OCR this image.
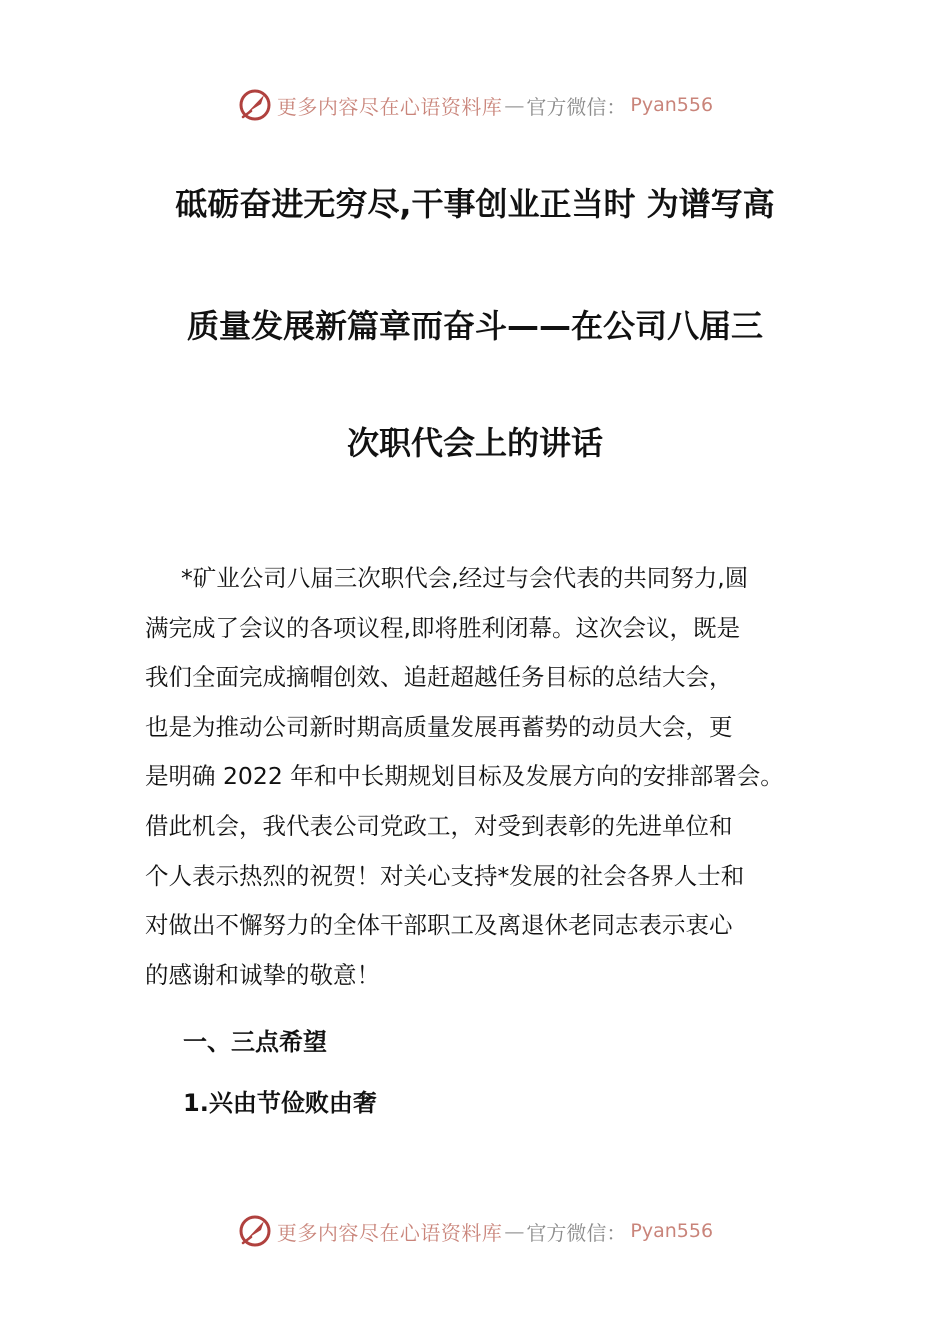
更多内容尽在心语资料库 — 官方微信： Pyan556
砥砺奋进无穷尽,干事创业正当时 为谱写高
质量发展新篇章而奋斗——在公司八届三
次职代会上的讲话
*矿业公司八届三次职代会,经过与会代表的共同努力,圆
满完成了会议的各项议程,即将胜利闭幕。这次会议，既是
我们全面完成摘帽创效、追赶超越任务目标的总结大会，
也是为推动公司新时期高质量发展再蓄势的动员大会，更
是明确 2022 年和中长期规划目标及发展方向的安排部署会。
借此机会，我代表公司党政工，对受到表彰的先进单位和
个人表示热烈的祝贺！对关心支持*发展的社会各界人士和
对做出不懈努力的全体干部职工及离退休老同志表示衷心
的感谢和诚挚的敬意！
一、三点希望
1.兴由节俭败由奢
更多内容尽在心语资料库 — 官方微信： Pyan556
